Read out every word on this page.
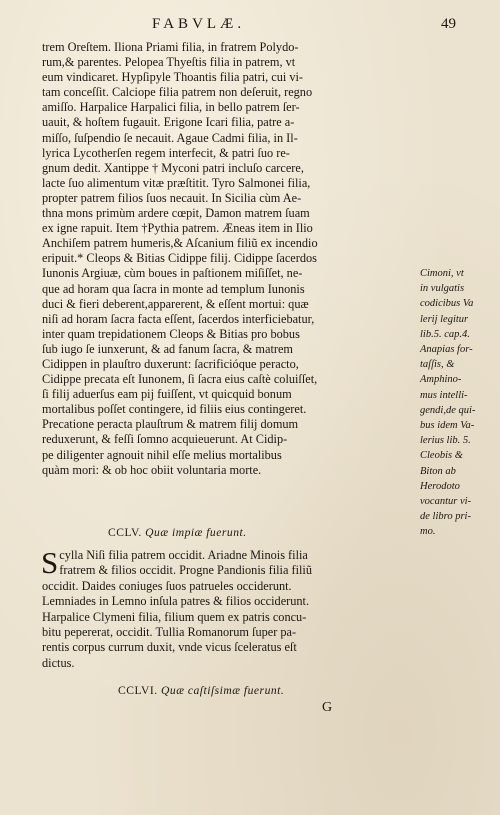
FABVLÆ.	49
trem Oreſtem. Iliona Priami filia, in fratrem Polydo-
rum,& parentes. Pelopea Thyeſtis filia in patrem, vt
eum vindicaret. Hypſipyle Thoantis filia patri, cui vi-
tam conceſſit. Calciope filia patrem non deſeruit, regno
amiſſo. Harpalice Harpalici filia, in bello patrem ſer-
uauit, & hoſtem fugauit. Erigone Icari filia, patre a-
miſſo, ſuſpendio ſe necauit. Agaue Cadmi filia, in Il-
lyrica Lycotherſen regem interfecit, & patri ſuo re-
gnum dedit. Xantippe † Myconi patri incluſo carcere,
lacte ſuo alimentum vitæ præſtitit. Tyro Salmonei filia,
propter patrem filios ſuos necauit. In Sicilia cùm Ae-
thna mons primùm ardere cœpit, Damon matrem ſuam
ex igne rapuit. Item †Pythia patrem. Æneas item in Ilio
Anchiſem patrem humeris,& Aſcanium filiũ ex incendio
eripuit.* Cleops & Bitias Cidippe filij. Cidippe ſacerdos
Iunonis Argiuæ, cùm boues in paſtionem miſiſſet, ne-
que ad horam qua ſacra in monte ad templum Iunonis
duci & fieri deberent,apparerent, & eſſent mortui: quæ
niſi ad horam ſacra facta eſſent, ſacerdos interficiebatur,
inter quam trepidationem Cleops & Bitias pro bobus
ſub iugo ſe iunxerunt, & ad fanum ſacra, & matrem
Cidippen in plauſtro duxerunt: ſacrificióque peracto,
Cidippe precata eſt Iunonem, ſi ſacra eius caſtè coluiſſet,
ſi filij aduerſus eam pij fuiſſent, vt quicquid bonum
mortalibus poſſet contingere, id filiis eius contingeret.
Precatione peracta plauſtrum & matrem filij domum
reduxerunt, & feſſi ſomno acquieuerunt. At Cidip-
pe diligenter agnouit nihil eſſe melius mortalibus
quàm mori: & ob hoc obiit voluntaria morte.
Cimoni, vt
in vulgatis
codicibus Va
lerij legitur
lib.5. cap.4.
Anapias for-
taſſis, &
Amphino-
mus intelli-
gendi,de qui-
bus idem Va-
lerius lib. 5.
Cleobis &
Biton ab
Herodoto
vocantur vi-
de libro pri-
mo.
CCLV. Quæ impiæ fuerunt.
S cylla Niſi filia patrem occidit. Ariadne Minois filia
fratrem & filios occidit. Progne Pandionis filia filiũ
occidit. Daides coniuges ſuos patrueles occiderunt.
Lemniades in Lemno inſula patres & filios occiderunt.
Harpalice Clymeni filia, filium quem ex patris concu-
bitu pepererat, occidit. Tullia Romanorum ſuper pa-
rentis corpus currum duxit, vnde vicus ſceleratus eſt
dictus.
CCLVI. Quæ caſtiſsimæ fuerunt.
G
